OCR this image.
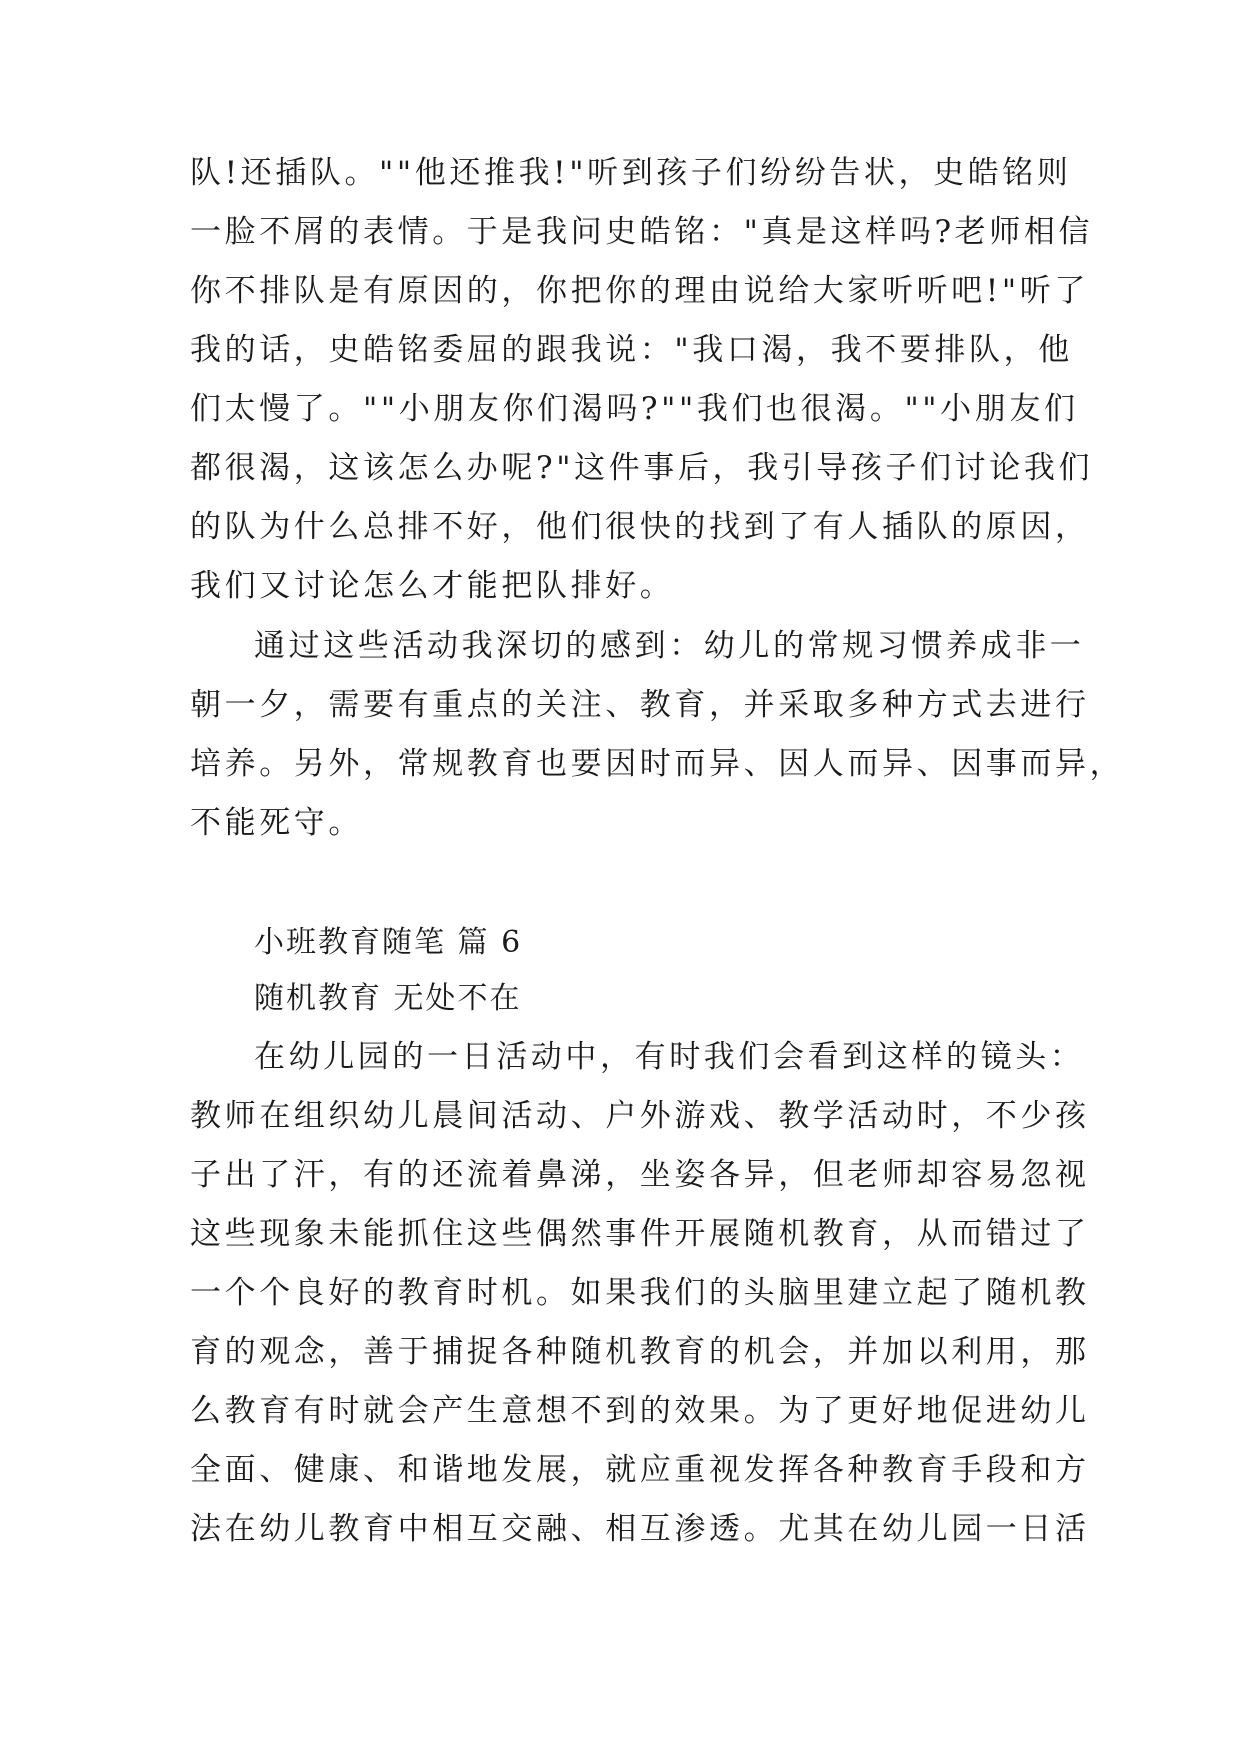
队!还插队。""他还推我!"听到孩子们纷纷告状，史皓铭则
一脸不屑的表情。于是我问史皓铭："真是这样吗?老师相信
你不排队是有原因的，你把你的理由说给大家听听吧!"听了
我的话，史皓铭委屈的跟我说："我口渴，我不要排队，他
们太慢了。""小朋友你们渴吗?""我们也很渴。""小朋友们
都很渴，这该怎么办呢?"这件事后，我引导孩子们讨论我们
的队为什么总排不好，他们很快的找到了有人插队的原因，
我们又讨论怎么才能把队排好。
通过这些活动我深切的感到：幼儿的常规习惯养成非一
朝一夕，需要有重点的关注、教育，并采取多种方式去进行
培养。另外，常规教育也要因时而异、因人而异、因事而异，
不能死守。
小班教育随笔 篇 6
随机教育 无处不在
在幼儿园的一日活动中，有时我们会看到这样的镜头：
教师在组织幼儿晨间活动、户外游戏、教学活动时，不少孩
子出了汗，有的还流着鼻涕，坐姿各异，但老师却容易忽视
这些现象未能抓住这些偶然事件开展随机教育，从而错过了
一个个良好的教育时机。如果我们的头脑里建立起了随机教
育的观念，善于捕捉各种随机教育的机会，并加以利用，那
么教育有时就会产生意想不到的效果。为了更好地促进幼儿
全面、健康、和谐地发展，就应重视发挥各种教育手段和方
法在幼儿教育中相互交融、相互渗透。尤其在幼儿园一日活
